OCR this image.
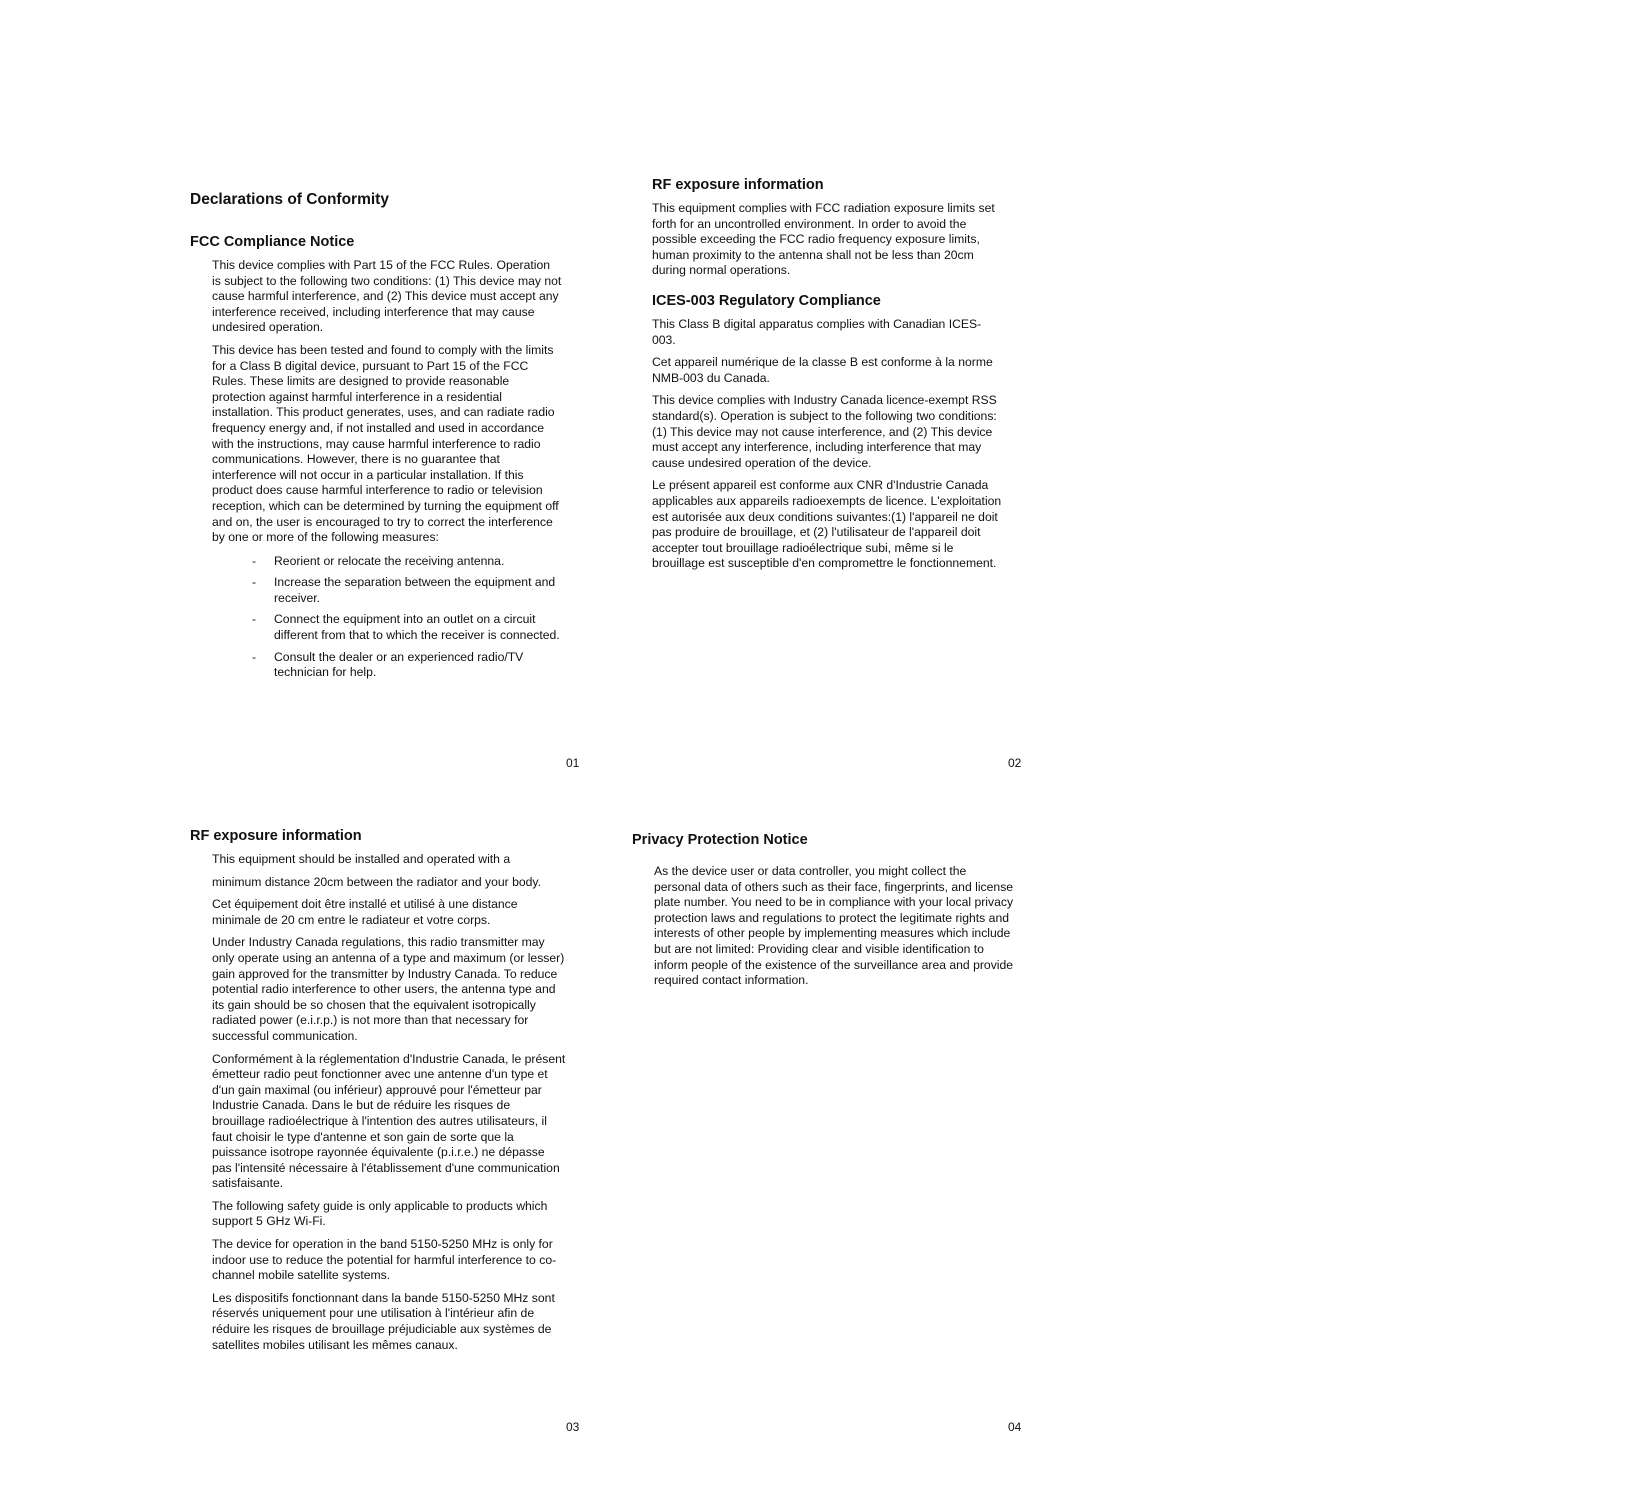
Declarations of Conformity
FCC Compliance Notice

This device complies with Part 15 of the FCC Rules. Operation is subject to the following two conditions: (1) This device may not cause harmful interference, and (2) This device must accept any interference received, including interference that may cause undesired operation.

This device has been tested and found to comply with the limits for a Class B digital device, pursuant to Part 15 of the FCC Rules. These limits are designed to provide reasonable protection against harmful interference in a residential installation. This product generates, uses, and can radiate radio frequency energy and, if not installed and used in accordance with the instructions, may cause harmful interference to radio communications. However, there is no guarantee that interference will not occur in a particular installation. If this product does cause harmful interference to radio or television reception, which can be determined by turning the equipment off and on, the user is encouraged to try to correct the interference by one or more of the following measures:

- Reorient or relocate the receiving antenna.
- Increase the separation between the equipment and receiver.
- Connect the equipment into an outlet on a circuit different from that to which the receiver is connected.
- Consult the dealer or an experienced radio/TV technician for help.
01
RF exposure information

This equipment complies with FCC radiation exposure limits set forth for an uncontrolled environment. In order to avoid the possible exceeding the FCC radio frequency exposure limits, human proximity to the antenna shall not be less than 20cm during normal operations.

ICES-003 Regulatory Compliance

This Class B digital apparatus complies with Canadian ICES-003.

Cet appareil numérique de la classe B est conforme à la norme NMB-003 du Canada.

This device complies with Industry Canada licence-exempt RSS standard(s). Operation is subject to the following two conditions: (1) This device may not cause interference, and (2) This device must accept any interference, including interference that may cause undesired operation of the device.

Le présent appareil est conforme aux CNR d'Industrie Canada applicables aux appareils radioexempts de licence. L'exploitation est autorisée aux deux conditions suivantes:(1) l'appareil ne doit pas produire de brouillage, et (2) l'utilisateur de l'appareil doit accepter tout brouillage radioélectrique subi, même si le brouillage est susceptible d'en compromettre le fonctionnement.

02
RF exposure information

This equipment should be installed and operated with a

minimum distance 20cm between the radiator and your body.

Cet équipement doit être installé et utilisé à une distance minimale de 20 cm entre le radiateur et votre corps.

Under Industry Canada regulations, this radio transmitter may only operate using an antenna of a type and maximum (or lesser) gain approved for the transmitter by Industry Canada. To reduce potential radio interference to other users, the antenna type and its gain should be so chosen that the equivalent isotropically radiated power (e.i.r.p.) is not more than that necessary for successful communication.

Conformément à la réglementation d'Industrie Canada, le présent émetteur radio peut fonctionner avec une antenne d'un type et d'un gain maximal (ou inférieur) approuvé pour l'émetteur par Industrie Canada. Dans le but de réduire les risques de brouillage radioélectrique à l'intention des autres utilisateurs, il faut choisir le type d'antenne et son gain de sorte que la puissance isotrope rayonnée équivalente (p.i.r.e.) ne dépasse pas l'intensité nécessaire à l'établissement d'une communication satisfaisante.

The following safety guide is only applicable to products which support 5 GHz Wi-Fi.

The device for operation in the band 5150-5250 MHz is only for indoor use to reduce the potential for harmful interference to co-channel mobile satellite systems.

Les dispositifs fonctionnant dans la bande 5150-5250 MHz sont réservés uniquement pour une utilisation à l'intérieur afin de réduire les risques de brouillage préjudiciable aux systèmes de satellites mobiles utilisant les mêmes canaux.

03
Privacy Protection Notice

As the device user or data controller, you might collect the personal data of others such as their face, fingerprints, and license plate number. You need to be in compliance with your local privacy protection laws and regulations to protect the legitimate rights and interests of other people by implementing measures which include but are not limited: Providing clear and visible identification to inform people of the existence of the surveillance area and provide required contact information.

04
